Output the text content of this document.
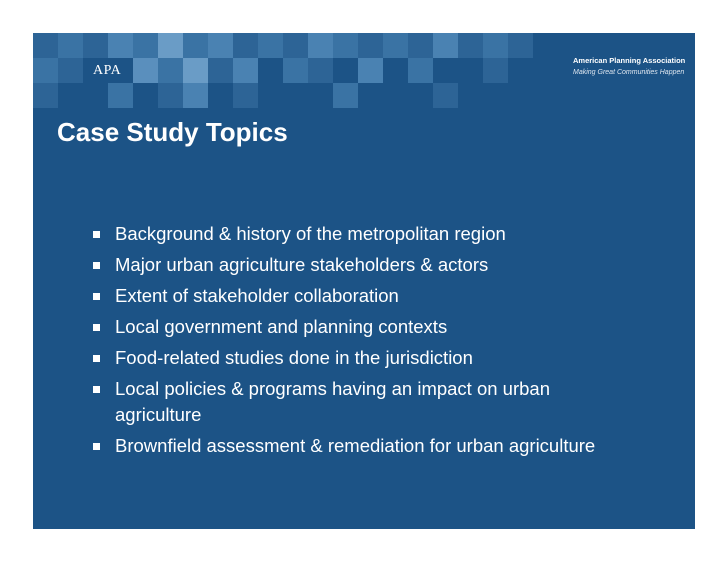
APA
American Planning Association
Making Great Communities Happen
Case Study Topics
Background & history of the metropolitan region
Major urban agriculture stakeholders & actors
Extent of stakeholder collaboration
Local government and planning contexts
Food-related studies done in the jurisdiction
Local policies & programs having an impact on urban agriculture
Brownfield assessment & remediation for urban agriculture
